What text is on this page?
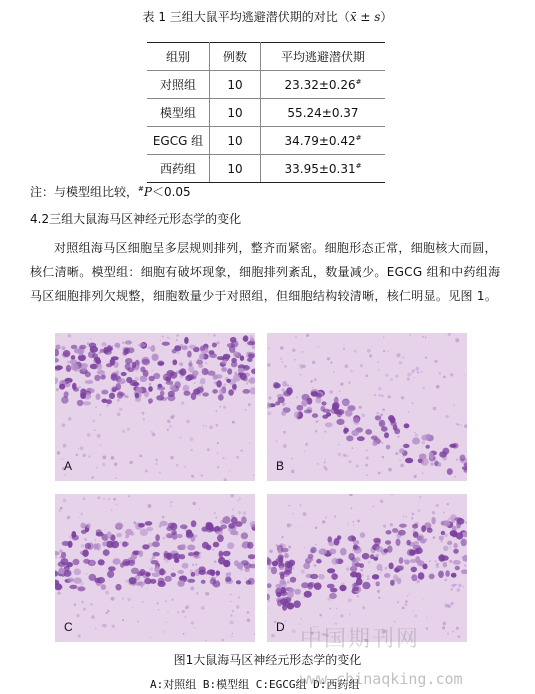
表 1 三组大鼠平均逃避潜伏期的对比（x̄ ± s）
组别	例数	平均逃避潜伏期
对照组	10	23.32±0.26#
模型组	10	55.24±0.37
EGCG 组	10	34.79±0.42#
西药组	10	33.95±0.31#
注：与模型组比较，#P＜0.05
4.2三组大鼠海马区神经元形态学的变化
对照组海马区细胞呈多层规则排列，整齐而紧密。细胞形态正常，细胞核大而圆，核仁清晰。模型组：细胞有破坏现象，细胞排列紊乱，数量减少。EGCG 组和中药组海马区细胞排列欠规整，细胞数量少于对照组，但细胞结构较清晰，核仁明显。见图 1。
A	B
C	D 中国期刊网
图1大鼠海马区神经元形态学的变化
A:对照组 B:模型组 C:EGCG组 D:西药组
www.chinaqking.com
